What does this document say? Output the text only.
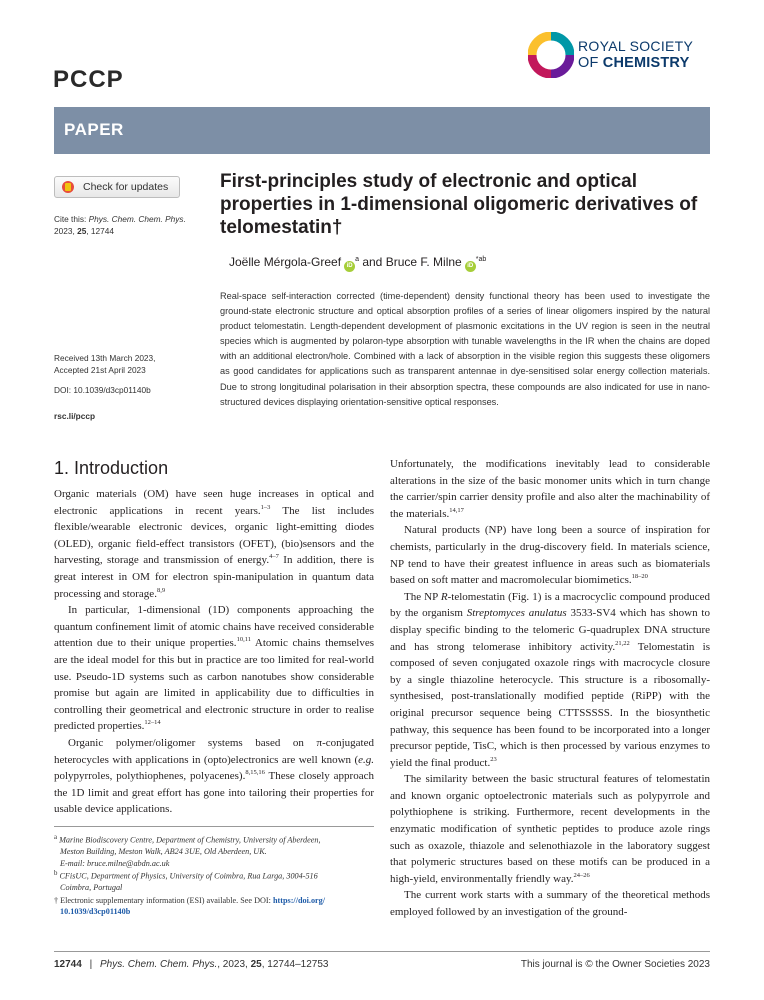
PCCP
ROYAL SOCIETY
OF CHEMISTRY
PAPER
Check for updates
Cite this: Phys. Chem. Chem. Phys.
2023, 25, 12744
Received 13th March 2023,
Accepted 21st April 2023
DOI: 10.1039/d3cp01140b
rsc.li/pccp
First-principles study of electronic and optical properties in 1-dimensional oligomeric derivatives of telomestatin†
Joëlle Mérgola-Greef $iD^a$ and Bruce F. Milne $iD^{*ab}$
Real-space self-interaction corrected (time-dependent) density functional theory has been used to investigate the ground-state electronic structure and optical absorption profiles of a series of linear oligomers inspired by the natural product telomestatin. Length-dependent development of plasmonic excitations in the UV region is seen in the neutral species which is augmented by polaron-type absorption with tunable wavelengths in the IR when the chains are doped with an additional electron/hole. Combined with a lack of absorption in the visible region this suggests these oligomers as good candidates for applications such as transparent antennae in dye-sensitised solar energy collection materials. Due to strong longitudinal polarisation in their absorption spectra, these compounds are also indicated for use in nano-structured devices displaying orientation-sensitive optical responses.
1. Introduction

Organic materials (OM) have seen huge increases in optical and electronic applications in recent years.$^{1-3}$ The list includes flexible/wearable electronic devices, organic light-emitting diodes (OLED), organic field-effect transistors (OFET), (bio)sensors and the harvesting, storage and transmission of energy.$^{4-7}$ In addition, there is great interest in OM for electron spin-manipulation in quantum data processing and storage.$^{8,9}$

In particular, 1-dimensional (1D) components approaching the quantum confinement limit of atomic chains have received considerable attention due to their unique properties.$^{10,11}$ Atomic chains themselves are the ideal model for this but in practice are too limited for real-world use. Pseudo-1D systems such as carbon nanotubes show considerable promise but again are limited in applicability due to difficulties in controlling their geometrical and electronic structure in order to realise predicted properties.$^{12-14}$

Organic polymer/oligomer systems based on π-conjugated heterocycles with applications in (opto)electronics are well known (e.g. polypyrroles, polythiophenes, polyacenes).$^{8,15,16}$ These closely approach the 1D limit and great effort has gone into tailoring their properties for usable device applications.

Unfortunately, the modifications inevitably lead to considerable alterations in the size of the basic monomer units which in turn change the carrier/spin carrier density profile and also alter the machinability of the materials.$^{14,17}$

Natural products (NP) have long been a source of inspiration for chemists, particularly in the drug-discovery field. In materials science, NP tend to have their greatest influence in areas such as biomaterials based on soft matter and macromolecular biomimetics.$^{18-20}$

The NP R-telomestatin (Fig. 1) is a macrocyclic compound produced by the organism Streptomyces anulatus 3533-SV4 which has shown to display specific binding to the telomeric G-quadruplex DNA structure and has strong telomerase inhibitory activity.$^{21,22}$ Telomestatin is composed of seven conjugated oxazole rings with macrocycle closure by a single thiazoline heterocycle. This structure is a ribosomally-synthesised, post-translationally modified peptide (RiPP) with the original precursor sequence being CTTSSSSS. In the biosynthetic pathway, this sequence has been found to be incorporated into a longer precursor peptide, TisC, which is then processed by various enzymes to yield the final product.$^{23}$

The similarity between the basic structural features of telomestatin and known organic optoelectronic materials such as polypyrrole and polythiophene is striking. Furthermore, recent developments in the enzymatic modification of synthetic peptides to produce azole rings such as oxazole, thiazole and selenothiazole in the laboratory suggest that polymeric structures based on these motifs can be produced in a high-yield, environmentally friendly way.$^{24-26}$

The current work starts with a summary of the theoretical methods employed followed by an investigation of the ground-

$^a$ Marine Biodiscovery Centre, Department of Chemistry, University of Aberdeen,
Meston Building, Meston Walk, AB24 3UE, Old Aberdeen, UK.
E-mail: bruce.milne@abdn.ac.uk
$^b$ CFisUC, Department of Physics, University of Coimbra, Rua Larga, 3004-516
Coimbra, Portugal
† Electronic supplementary information (ESI) available. See DOI: https://doi.org/
10.1039/d3cp01140b
12744 | Phys. Chem. Chem. Phys., 2023, 25, 12744–12753	This journal is © the Owner Societies 2023
